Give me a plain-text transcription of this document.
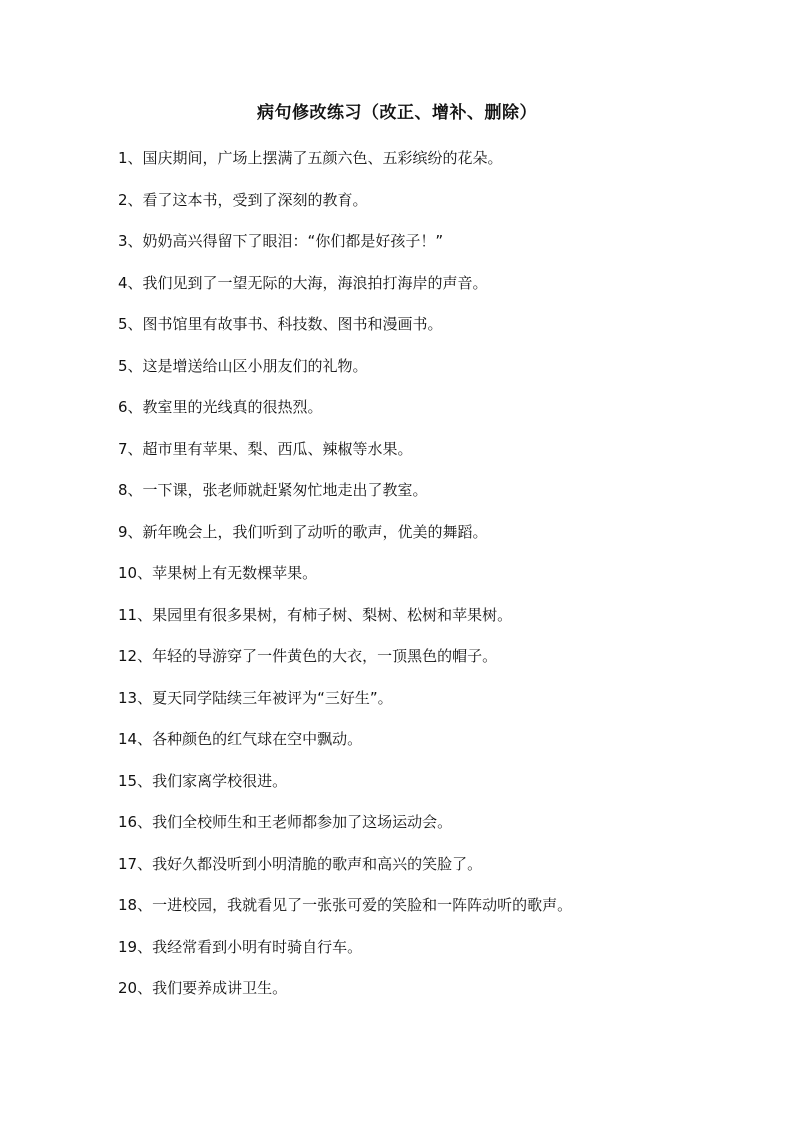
病句修改练习（改正、增补、删除）
1、国庆期间，广场上摆满了五颜六色、五彩缤纷的花朵。
2、看了这本书，受到了深刻的教育。
3、奶奶高兴得留下了眼泪：“你们都是好孩子！”
4、我们见到了一望无际的大海，海浪拍打海岸的声音。
5、图书馆里有故事书、科技数、图书和漫画书。
5、这是增送给山区小朋友们的礼物。
6、教室里的光线真的很热烈。
7、超市里有苹果、梨、西瓜、辣椒等水果。
8、一下课，张老师就赶紧匆忙地走出了教室。
9、新年晚会上，我们听到了动听的歌声，优美的舞蹈。
10、苹果树上有无数棵苹果。
11、果园里有很多果树，有柿子树、梨树、松树和苹果树。
12、年轻的导游穿了一件黄色的大衣，一顶黑色的帽子。
13、夏天同学陆续三年被评为“三好生”。
14、各种颜色的红气球在空中飘动。
15、我们家离学校很进。
16、我们全校师生和王老师都参加了这场运动会。
17、我好久都没听到小明清脆的歌声和高兴的笑脸了。
18、一进校园，我就看见了一张张可爱的笑脸和一阵阵动听的歌声。
19、我经常看到小明有时骑自行车。
20、我们要养成讲卫生。
